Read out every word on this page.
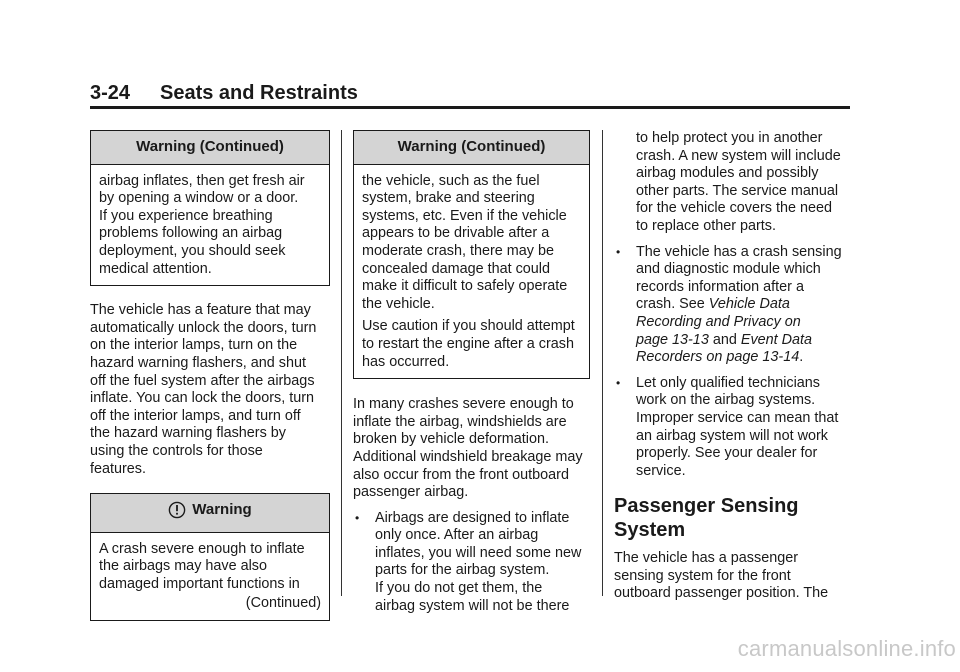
3-24 Seats and Restraints
Warning (Continued)
airbag inflates, then get fresh air
by opening a window or a door.
If you experience breathing
problems following an airbag
deployment, you should seek
medical attention.
The vehicle has a feature that may
automatically unlock the doors, turn
on the interior lamps, turn on the
hazard warning flashers, and shut
off the fuel system after the airbags
inflate. You can lock the doors, turn
off the interior lamps, and turn off
the hazard warning flashers by
using the controls for those
features.
Warning
A crash severe enough to inflate
the airbags may have also
damaged important functions in
(Continued)
Warning (Continued)

the vehicle, such as the fuel
system, brake and steering
systems, etc. Even if the vehicle
appears to be drivable after a
moderate crash, there may be
concealed damage that could
make it difficult to safely operate
the vehicle.

Use caution if you should attempt
to restart the engine after a crash
has occurred.

In many crashes severe enough to
inflate the airbag, windshields are
broken by vehicle deformation.
Additional windshield breakage may
also occur from the front outboard
passenger airbag.
• Airbags are designed to inflate
only once. After an airbag
inflates, you will need some new
parts for the airbag system.
If you do not get them, the
airbag system will not be there
to help protect you in another
crash. A new system will include
airbag modules and possibly
other parts. The service manual
for the vehicle covers the need
to replace other parts.
• The vehicle has a crash sensing
and diagnostic module which
records information after a
crash. See Vehicle Data
Recording and Privacy on
page 13-13 and Event Data
Recorders on page 13-14.
• Let only qualified technicians
work on the airbag systems.
Improper service can mean that
an airbag system will not work
properly. See your dealer for
service.
Passenger Sensing
System
The vehicle has a passenger
sensing system for the front
outboard passenger position. The
carmanualsonline.info
